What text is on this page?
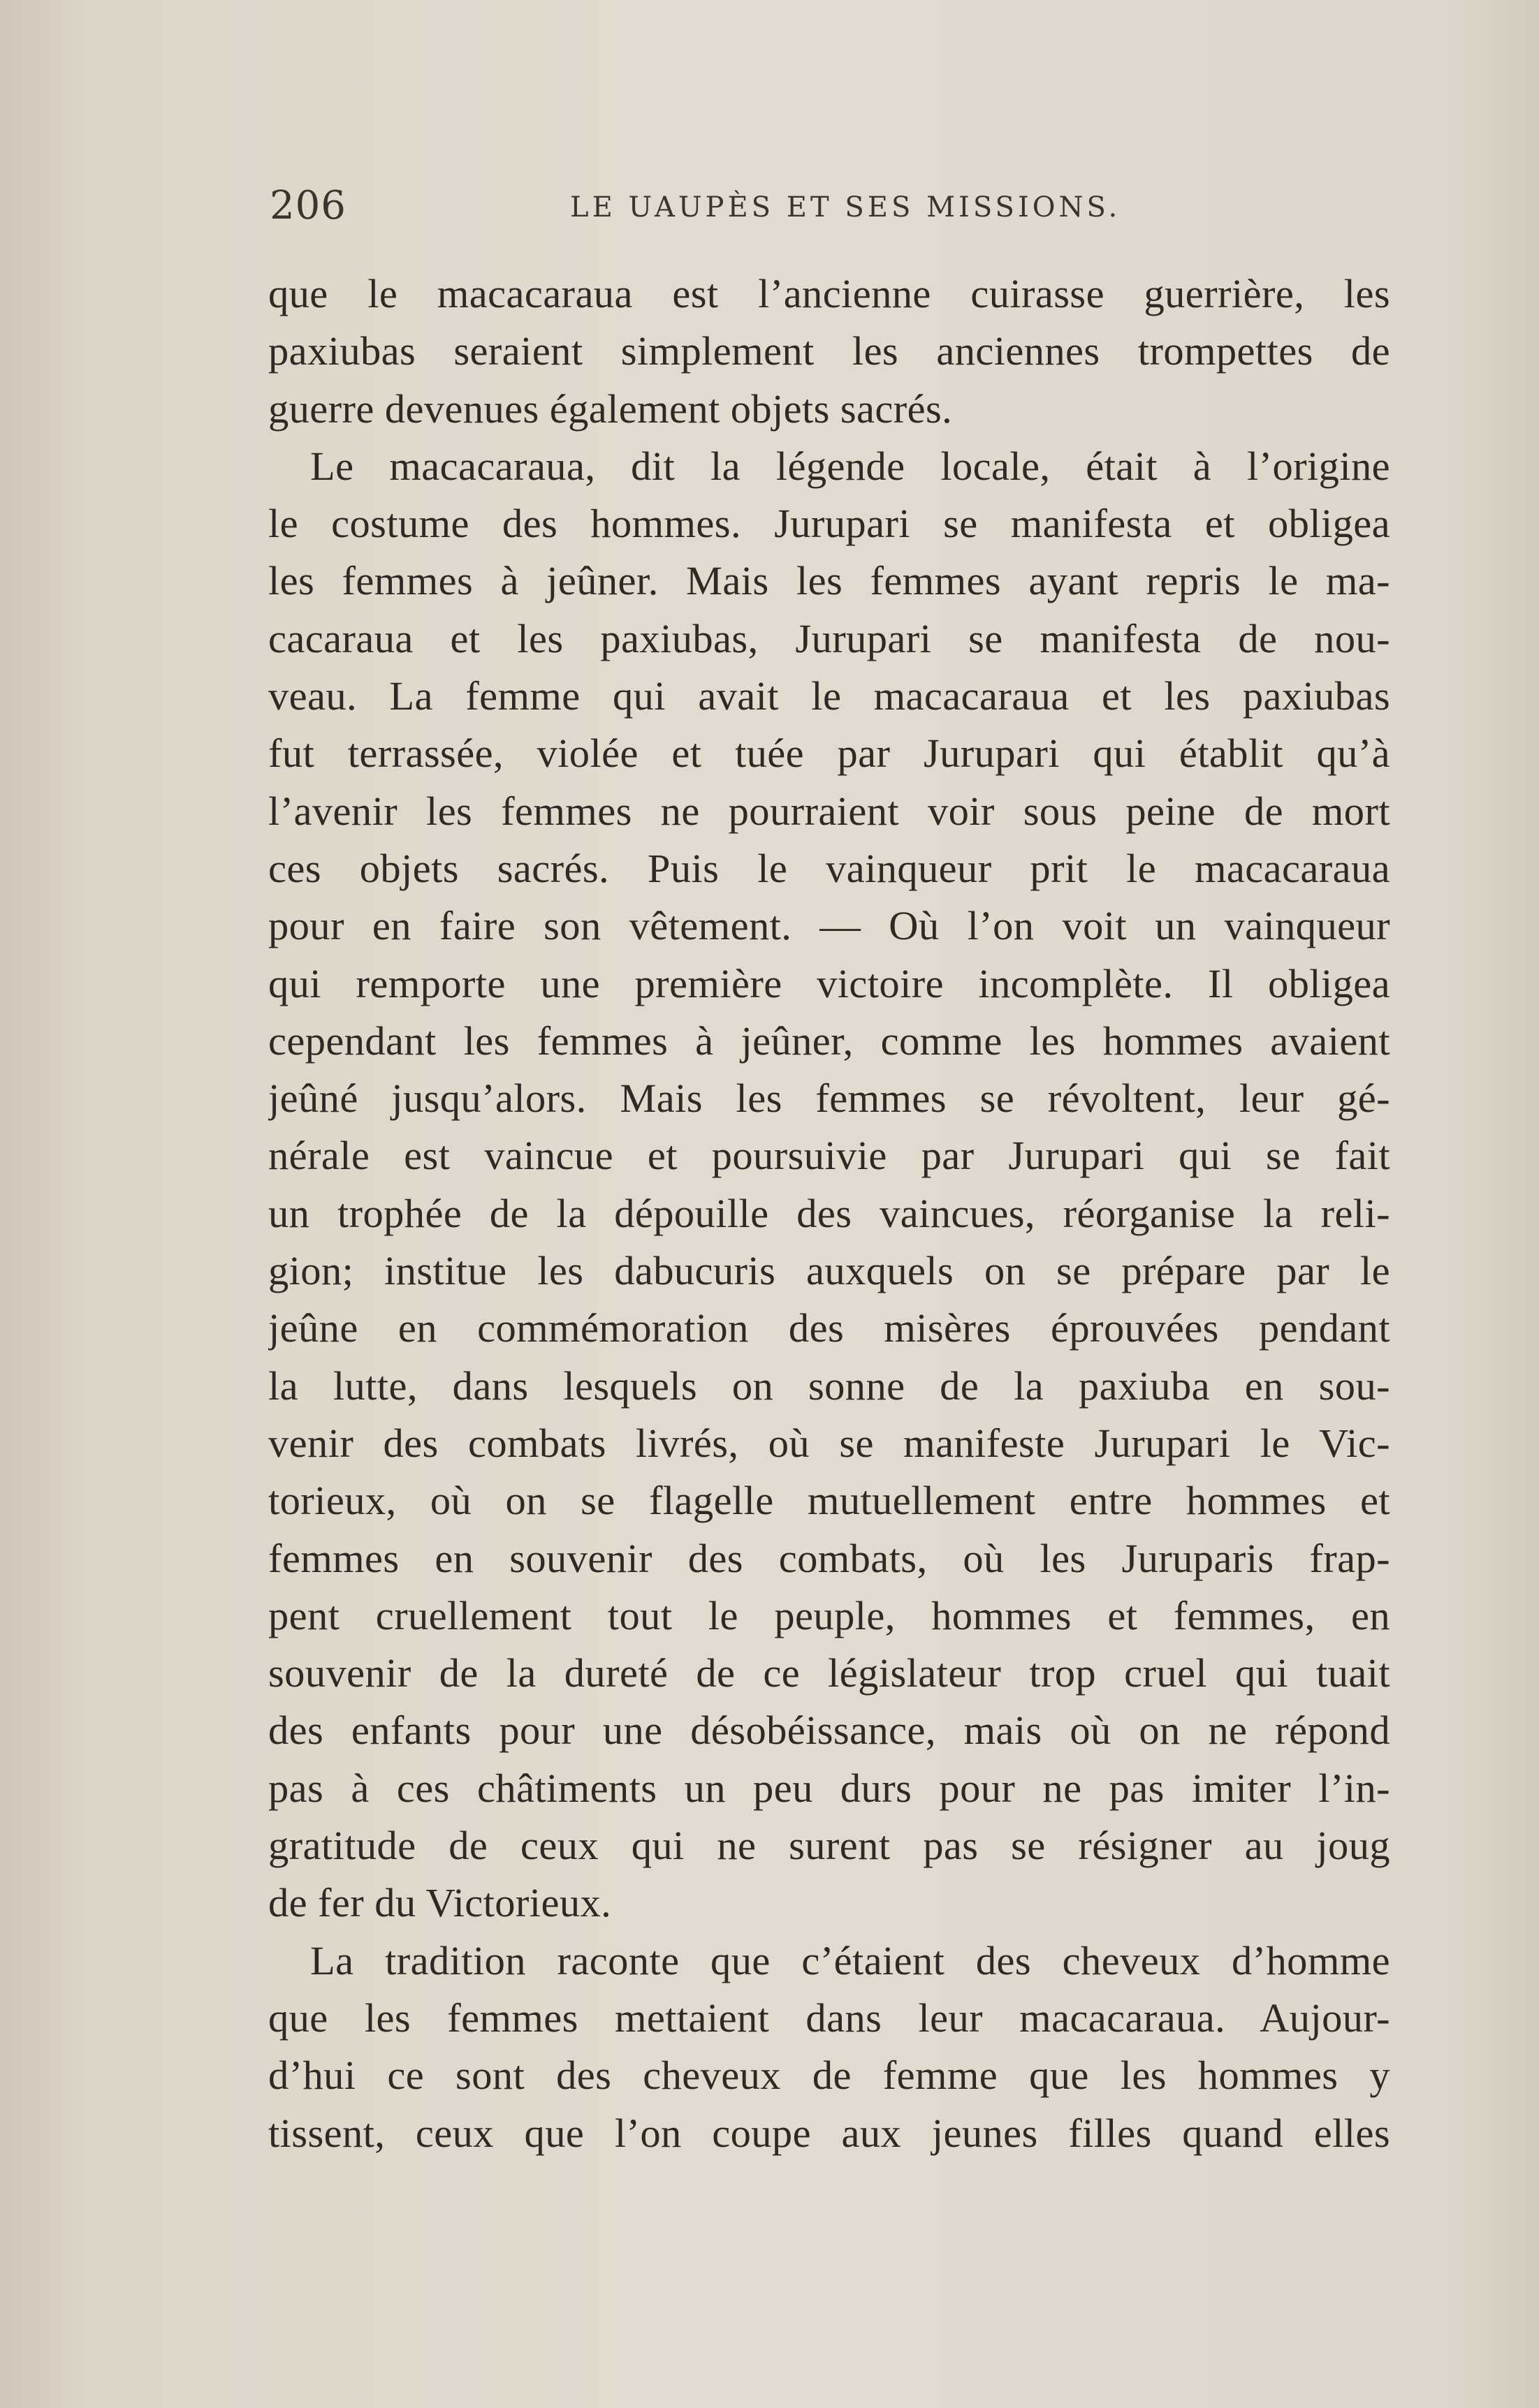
206	LE UAUPÈS ET SES MISSIONS.

que le macacaraua est l’ancienne cuirasse guerrière, les
paxiubas seraient simplement les anciennes trompettes de
guerre devenues également objets sacrés.

Le macacaraua, dit la légende locale, était à l’origine
le costume des hommes. Jurupari se manifesta et obligea
les femmes à jeûner. Mais les femmes ayant repris le ma-
cacaraua et les paxiubas, Jurupari se manifesta de nou-
veau. La femme qui avait le macacaraua et les paxiubas
fut terrassée, violée et tuée par Jurupari qui établit qu’à
l’avenir les femmes ne pourraient voir sous peine de mort
ces objets sacrés. Puis le vainqueur prit le macacaraua
pour en faire son vêtement. — Où l’on voit un vainqueur
qui remporte une première victoire incomplète. Il obligea
cependant les femmes à jeûner, comme les hommes avaient
jeûné jusqu’alors. Mais les femmes se révoltent, leur gé-
nérale est vaincue et poursuivie par Jurupari qui se fait
un trophée de la dépouille des vaincues, réorganise la reli-
gion; institue les dabucuris auxquels on se prépare par le
jeûne en commémoration des misères éprouvées pendant
la lutte, dans lesquels on sonne de la paxiuba en sou-
venir des combats livrés, où se manifeste Jurupari le Vic-
torieux, où on se flagelle mutuellement entre hommes et
femmes en souvenir des combats, où les Juruparis frap-
pent cruellement tout le peuple, hommes et femmes, en
souvenir de la dureté de ce législateur trop cruel qui tuait
des enfants pour une désobéissance, mais où on ne répond
pas à ces châtiments un peu durs pour ne pas imiter l’in-
gratitude de ceux qui ne surent pas se résigner au joug
de fer du Victorieux.

La tradition raconte que c’étaient des cheveux d’homme
que les femmes mettaient dans leur macacaraua. Aujour-
d’hui ce sont des cheveux de femme que les hommes y
tissent, ceux que l’on coupe aux jeunes filles quand elles
